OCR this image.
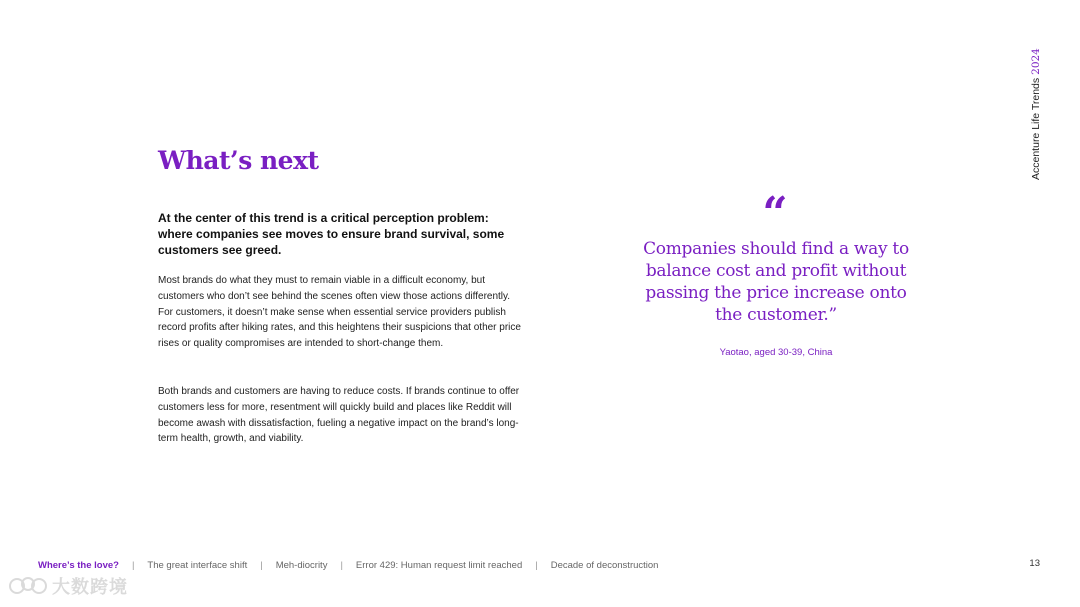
What’s next

At the center of this trend is a critical perception problem: where companies see moves to ensure brand survival, some customers see greed.

Most brands do what they must to remain viable in a difficult economy, but customers who don’t see behind the scenes often view those actions differently. For customers, it doesn’t make sense when essential service providers publish record profits after hiking rates, and this heightens their suspicions that other price rises or quality compromises are intended to short-change them.

Both brands and customers are having to reduce costs. If brands continue to offer customers less for more, resentment will quickly build and places like Reddit will become awash with dissatisfaction, fueling a negative impact on the brand’s long-term health, growth, and viability.

“

Companies should find a way to balance cost and profit without passing the price increase onto the customer.”

Yaotao, aged 30-39, China
Accenture Life Trends2024
Where’s the love? | The great interface shift | Meh-diocrity | Error 429: Human request limit reached | Decade of deconstruction	13
大数跨境
